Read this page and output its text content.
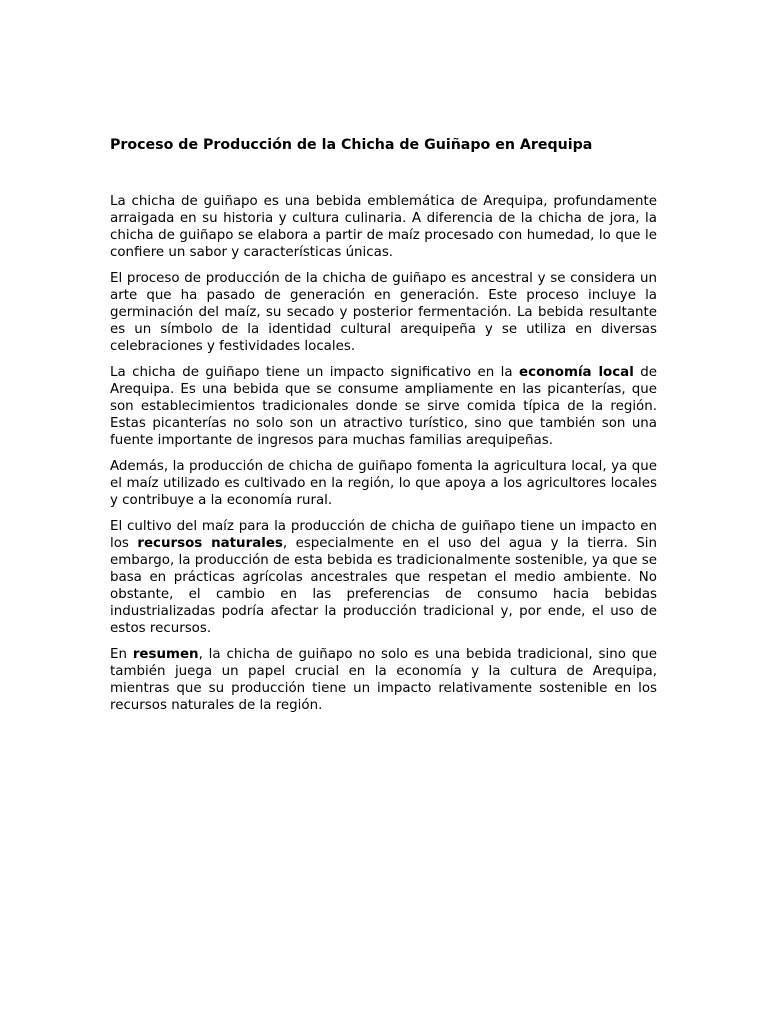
Proceso de Producción de la Chicha de Guiñapo en Arequipa

La chicha de guiñapo es una bebida emblemática de Arequipa, profundamente arraigada en su historia y cultura culinaria. A diferencia de la chicha de jora, la chicha de guiñapo se elabora a partir de maíz procesado con humedad, lo que le confiere un sabor y características únicas.

El proceso de producción de la chicha de guiñapo es ancestral y se considera un arte que ha pasado de generación en generación. Este proceso incluye la germinación del maíz, su secado y posterior fermentación. La bebida resultante es un símbolo de la identidad cultural arequipeña y se utiliza en diversas celebraciones y festividades locales.

La chicha de guiñapo tiene un impacto significativo en la economía local de Arequipa. Es una bebida que se consume ampliamente en las picanterías, que son establecimientos tradicionales donde se sirve comida típica de la región. Estas picanterías no solo son un atractivo turístico, sino que también son una fuente importante de ingresos para muchas familias arequipeñas.

Además, la producción de chicha de guiñapo fomenta la agricultura local, ya que el maíz utilizado es cultivado en la región, lo que apoya a los agricultores locales y contribuye a la economía rural.

El cultivo del maíz para la producción de chicha de guiñapo tiene un impacto en los recursos naturales, especialmente en el uso del agua y la tierra. Sin embargo, la producción de esta bebida es tradicionalmente sostenible, ya que se basa en prácticas agrícolas ancestrales que respetan el medio ambiente. No obstante, el cambio en las preferencias de consumo hacia bebidas industrializadas podría afectar la producción tradicional y, por ende, el uso de estos recursos.

En resumen, la chicha de guiñapo no solo es una bebida tradicional, sino que también juega un papel crucial en la economía y la cultura de Arequipa, mientras que su producción tiene un impacto relativamente sostenible en los recursos naturales de la región.
